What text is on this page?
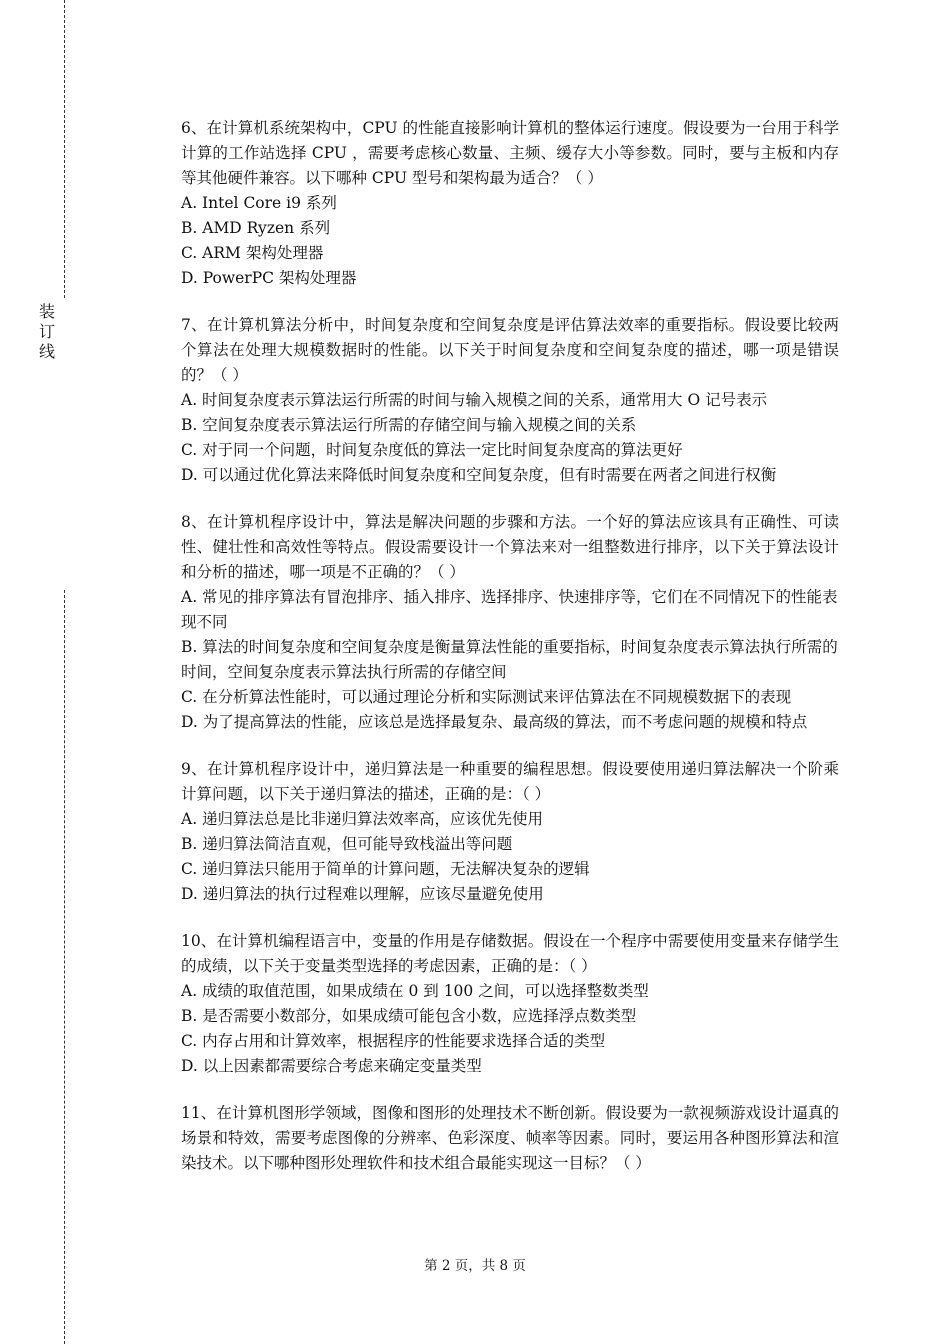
装
订
线

6、在计算机系统架构中，CPU 的性能直接影响计算机的整体运行速度。假设要为一台用于科学计算的工作站选择 CPU ，需要考虑核心数量、主频、缓存大小等参数。同时，要与主板和内存等其他硬件兼容。以下哪种 CPU 型号和架构最为适合？（ ）

A. Intel Core i9 系列
B. AMD Ryzen 系列
C. ARM 架构处理器
D. PowerPC 架构处理器

7、在计算机算法分析中，时间复杂度和空间复杂度是评估算法效率的重要指标。假设要比较两个算法在处理大规模数据时的性能。以下关于时间复杂度和空间复杂度的描述，哪一项是错误的？（ ）

A. 时间复杂度表示算法运行所需的时间与输入规模之间的关系，通常用大 O 记号表示
B. 空间复杂度表示算法运行所需的存储空间与输入规模之间的关系
C. 对于同一个问题，时间复杂度低的算法一定比时间复杂度高的算法更好
D. 可以通过优化算法来降低时间复杂度和空间复杂度，但有时需要在两者之间进行权衡

8、在计算机程序设计中，算法是解决问题的步骤和方法。一个好的算法应该具有正确性、可读性、健壮性和高效性等特点。假设需要设计一个算法来对一组整数进行排序，以下关于算法设计和分析的描述，哪一项是不正确的？（ ）

A. 常见的排序算法有冒泡排序、插入排序、选择排序、快速排序等，它们在不同情况下的性能表现不同
B. 算法的时间复杂度和空间复杂度是衡量算法性能的重要指标，时间复杂度表示算法执行所需的时间，空间复杂度表示算法执行所需的存储空间
C. 在分析算法性能时，可以通过理论分析和实际测试来评估算法在不同规模数据下的表现
D. 为了提高算法的性能，应该总是选择最复杂、最高级的算法，而不考虑问题的规模和特点

9、在计算机程序设计中，递归算法是一种重要的编程思想。假设要使用递归算法解决一个阶乘计算问题，以下关于递归算法的描述，正确的是：（ ）

A. 递归算法总是比非递归算法效率高，应该优先使用
B. 递归算法简洁直观，但可能导致栈溢出等问题
C. 递归算法只能用于简单的计算问题，无法解决复杂的逻辑
D. 递归算法的执行过程难以理解，应该尽量避免使用

10、在计算机编程语言中，变量的作用是存储数据。假设在一个程序中需要使用变量来存储学生的成绩，以下关于变量类型选择的考虑因素，正确的是：（ ）

A. 成绩的取值范围，如果成绩在 0 到 100 之间，可以选择整数类型
B. 是否需要小数部分，如果成绩可能包含小数，应选择浮点数类型
C. 内存占用和计算效率，根据程序的性能要求选择合适的类型
D. 以上因素都需要综合考虑来确定变量类型

11、在计算机图形学领域，图像和图形的处理技术不断创新。假设要为一款视频游戏设计逼真的场景和特效，需要考虑图像的分辨率、色彩深度、帧率等因素。同时，要运用各种图形算法和渲染技术。以下哪种图形处理软件和技术组合最能实现这一目标？（ ）

第 2 页，共 8 页
